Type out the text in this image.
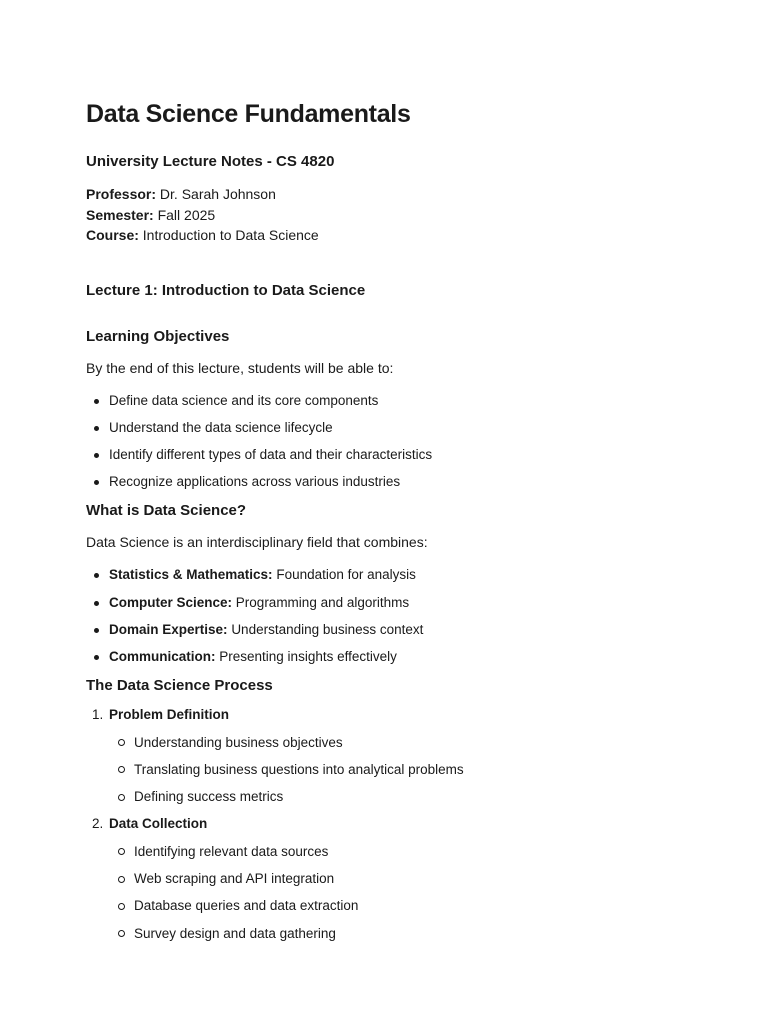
Data Science Fundamentals
University Lecture Notes - CS 4820
Professor: Dr. Sarah Johnson
Semester: Fall 2025
Course: Introduction to Data Science
Lecture 1: Introduction to Data Science
Learning Objectives

By the end of this lecture, students will be able to:

Define data science and its core components
Understand the data science lifecycle
Identify different types of data and their characteristics
Recognize applications across various industries
What is Data Science?

Data Science is an interdisciplinary field that combines:

Statistics & Mathematics: Foundation for analysis
Computer Science: Programming and algorithms
Domain Expertise: Understanding business context
Communication: Presenting insights effectively
The Data Science Process
1. Problem Definition
Understanding business objectives
Translating business questions into analytical problems
Defining success metrics
2. Data Collection
Identifying relevant data sources
Web scraping and API integration
Database queries and data extraction
Survey design and data gathering
